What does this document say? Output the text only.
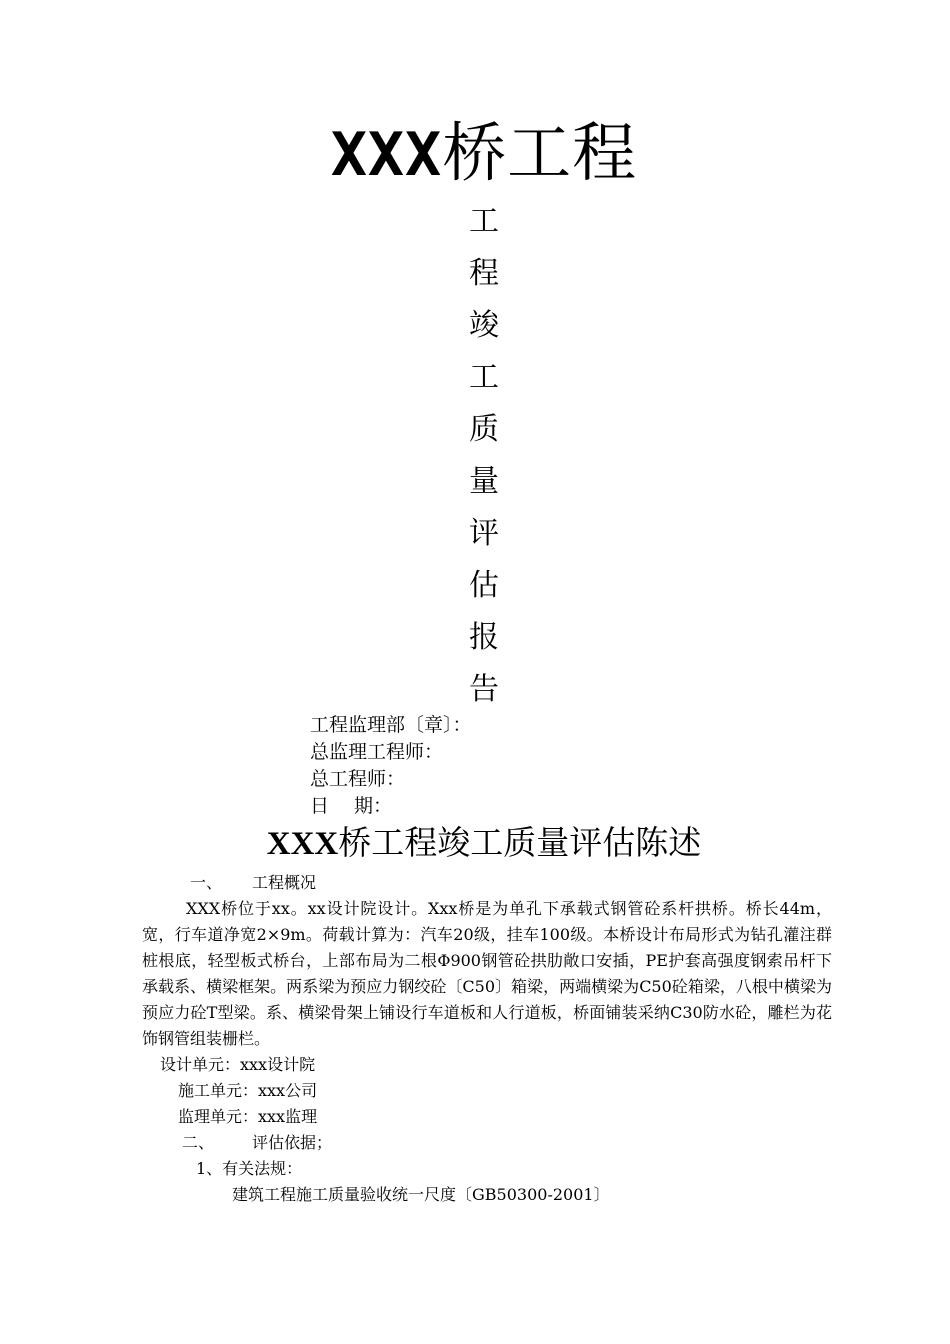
XXX桥工程
工
程
竣
工
质
量
评
估
报
告
工程监理部〔章〕：
总监理工程师：
总工程师：
日 　期：
XXX桥工程竣工质量评估陈述
一、 工程概况

XXX桥位于xx。xx设计院设计。Xxx桥是为单孔下承载式钢管砼系杆拱桥。桥长44m，宽，行车道净宽2×9m。荷载计算为：汽车20级，挂车100级。本桥设计布局形式为钻孔灌注群桩根底，轻型板式桥台，上部布局为二根Φ900钢管砼拱肋敞口安插，PE护套高强度钢索吊杆下承载系、横梁框架。两系梁为预应力钢绞砼〔C50〕箱梁，两端横梁为C50砼箱梁，八根中横梁为预应力砼T型梁。系、横梁骨架上铺设行车道板和人行道板，桥面铺装采纳C30防水砼，雕栏为花饰钢管组装栅栏。

设计单元：xxx设计院
施工单元：xxx公司
监理单元：xxx监理
二、 评估依据；
1、有关法规：
建筑工程施工质量验收统一尺度〔GB50300-2001〕
